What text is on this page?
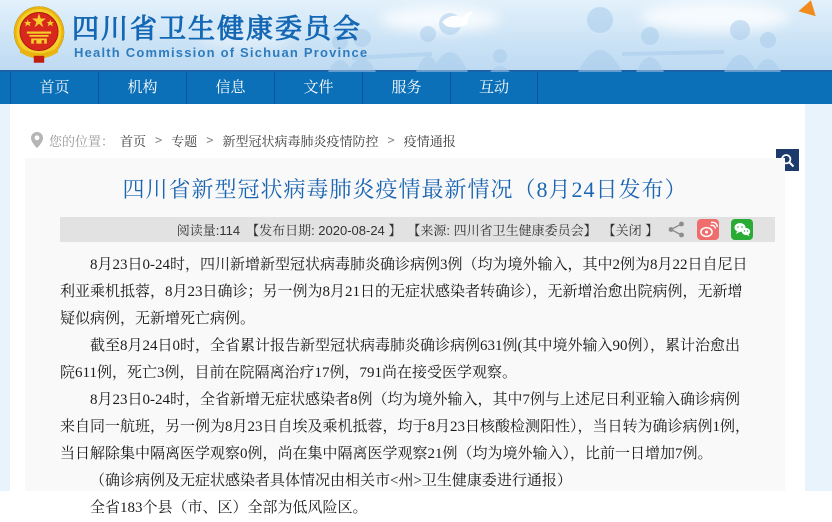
四川省卫生健康委员会
Health Commission of Sichuan Province
首页	机构	信息	文件	服务	互动
您的位置： 首页 > 专题 > 新型冠状病毒肺炎疫情防控 > 疫情通报
四川省新型冠状病毒肺炎疫情最新情况（8月24日发布）
阅读量:114 【发布日期: 2020-08-24 】 【来源: 四川省卫生健康委员会】 【关闭 】

8月23日0-24时，四川新增新型冠状病毒肺炎确诊病例3例（均为境外输入，其中2例为8月22日自尼日利亚乘机抵蓉，8月23日确诊；另一例为8月21日的无症状感染者转确诊），无新增治愈出院病例，无新增疑似病例，无新增死亡病例。

截至8月24日0时，全省累计报告新型冠状病毒肺炎确诊病例631例(其中境外输入90例），累计治愈出院611例，死亡3例，目前在院隔离治疗17例，791尚在接受医学观察。

8月23日0-24时，全省新增无症状感染者8例（均为境外输入，其中7例与上述尼日利亚输入确诊病例来自同一航班，另一例为8月23日自埃及乘机抵蓉，均于8月23日核酸检测阳性），当日转为确诊病例1例，当日解除集中隔离医学观察0例，尚在集中隔离医学观察21例（均为境外输入），比前一日增加7例。

（确诊病例及无症状感染者具体情况由相关市<州>卫生健康委进行通报）

全省183个县（市、区）全部为低风险区。
